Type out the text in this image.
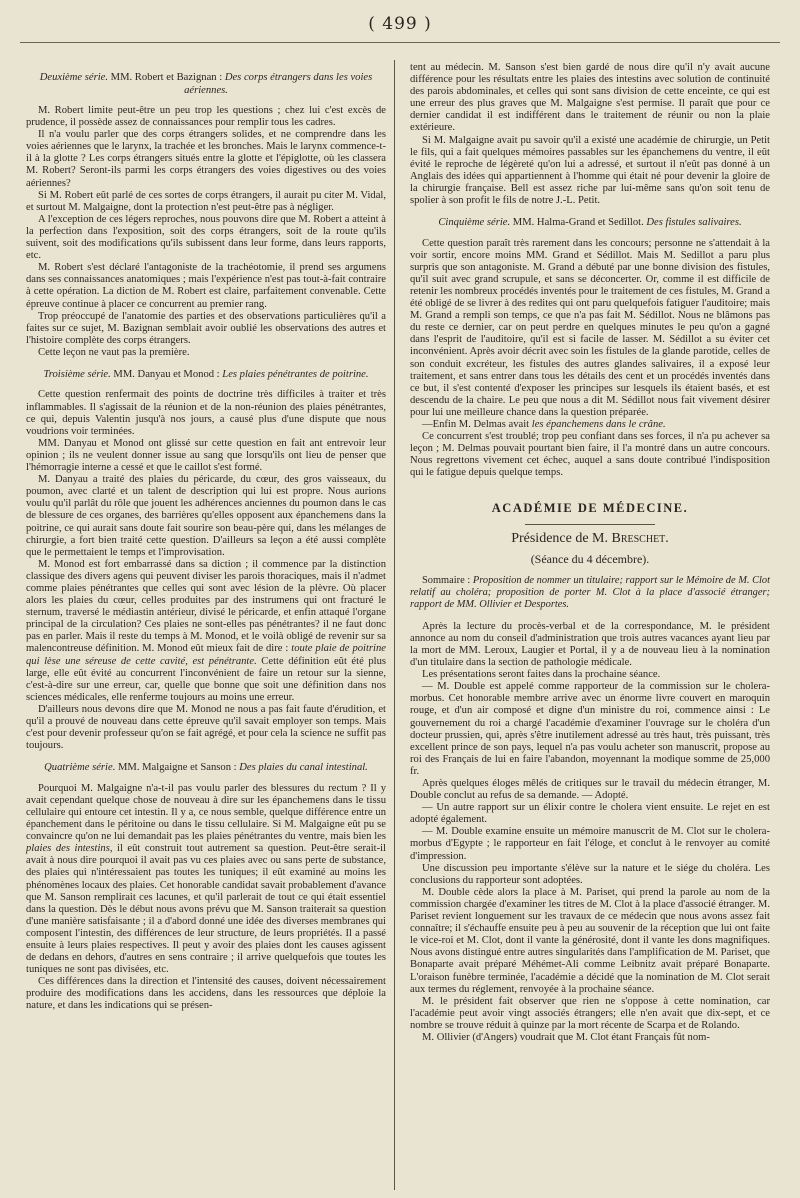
( 499 )
Deuxième série. MM. Robert et Bazignan : Des corps étrangers dans les voies aériennes.

M. Robert limite peut-être un peu trop les questions ; chez lui c'est excès de prudence, il possède assez de connaissances pour remplir tous les cadres.

Il n'a voulu parler que des corps étrangers solides, et ne comprendre dans les voies aériennes que le larynx, la trachée et les bronches. Mais le larynx commence-t-il à la glotte ? Les corps étrangers situés entre la glotte et l'épiglotte, où les classera M. Robert? Seront-ils parmi les corps étrangers des voies digestives ou des voies aériennes?

Si M. Robert eût parlé de ces sortes de corps étrangers, il aurait pu citer M. Vidal, et surtout M. Malgaigne, dont la protection n'est peut-être pas à négliger.

A l'exception de ces légers reproches, nous pouvons dire que M. Robert a atteint à la perfection dans l'exposition, soit des corps étrangers, soit de la route qu'ils suivent, soit des modifications qu'ils subissent dans leur forme, dans leurs rapports, etc.

M. Robert s'est déclaré l'antagoniste de la trachéotomie, il prend ses argumens dans ses connaissances anatomiques ; mais l'expérience n'est pas tout-à-fait contraire à cette opération. La diction de M. Robert est claire, parfaitement convenable. Cette épreuve continue à placer ce concurrent au premier rang.

Trop préoccupé de l'anatomie des parties et des observations particulières qu'il a faites sur ce sujet, M. Bazignan semblait avoir oublié les observations des autres et l'histoire complète des corps étrangers.

Cette leçon ne vaut pas la première.

Troisième série. MM. Danyau et Monod : Les plaies pénétrantes de poitrine.

Cette question renfermait des points de doctrine très difficiles à traiter et très inflammables. Il s'agissait de la réunion et de la non-réunion des plaies pénétrantes, ce qui, depuis Valentin jusqu'à nos jours, a causé plus d'une dispute que nous voudrions voir terminées.

MM. Danyau et Monod ont glissé sur cette question en fait ant entrevoir leur opinion ; ils ne veulent donner issue au sang que lorsqu'ils ont lieu de penser que l'hémorragie interne a cessé et que le caillot s'est formé.

M. Danyau a traité des plaies du péricarde, du cœur, des gros vaisseaux, du poumon, avec clarté et un talent de description qui lui est propre. Nous aurions voulu qu'il parlât du rôle que jouent les adhérences anciennes du poumon dans le cas de blessure de ces organes, des barrières qu'elles opposent aux épanchemens dans la poitrine, ce qui aurait sans doute fait sourire son beau-père qui, dans les mélanges de chirurgie, a fort bien traité cette question. D'ailleurs sa leçon a été aussi complète que le permettaient le temps et l'improvisation.

M. Monod est fort embarrassé dans sa diction ; il commence par la distinction classique des divers agens qui peuvent diviser les parois thoraciques, mais il n'admet comme plaies pénétrantes que celles qui sont avec lésion de la plèvre. Où placer alors les plaies du cœur, celles produites par des instrumens qui ont fracturé le sternum, traversé le médiastin antérieur, divisé le péricarde, et enfin attaqué l'organe principal de la circulation? Ces plaies ne sont-elles pas pénétrantes? il ne faut donc pas en parler. Mais il reste du temps à M. Monod, et le voilà obligé de revenir sur sa malencontreuse définition. M. Monod eût mieux fait de dire : toute plaie de poitrine qui lèse une séreuse de cette cavité, est pénétrante. Cette définition eût été plus large, elle eût évité au concurrent l'inconvénient de faire un retour sur la sienne, c'est-à-dire sur une erreur, car, quelle que bonne que soit une définition dans nos sciences médicales, elle renferme toujours au moins une erreur.

D'ailleurs nous devons dire que M. Monod ne nous a pas fait faute d'érudition, et qu'il a prouvé de nouveau dans cette épreuve qu'il savait employer son temps. Mais c'est pour devenir professeur qu'on se fait agrégé, et pour cela la science ne suffit pas toujours.

Quatrième série. MM. Malgaigne et Sanson : Des plaies du canal intestinal.

Pourquoi M. Malgaigne n'a-t-il pas voulu parler des blessures du rectum ? Il y avait cependant quelque chose de nouveau à dire sur les épanchemens dans le tissu cellulaire qui entoure cet intestin. Il y a, ce nous semble, quelque différence entre un épanchement dans le péritoine ou dans le tissu cellulaire. Si M. Malgaigne eût pu se convaincre qu'on ne lui demandait pas les plaies pénétrantes du ventre, mais bien les plaies des intestins, il eût construit tout autrement sa question. Peut-être serait-il avait à nous dire pourquoi il avait pas vu ces plaies avec ou sans perte de substance, des plaies qui n'intéressaient pas toutes les tuniques; il eût examiné au moins les phénomènes locaux des plaies. Cet honorable candidat savait probablement d'avance que M. Sanson remplirait ces lacunes, et qu'il parlerait de tout ce qui était essentiel dans la question. Dès le début nous avons prévu que M. Sanson traiterait sa question d'une manière satisfaisante ; il a d'abord donné une idée des diverses membranes qui composent l'intestin, des différences de leur structure, de leurs propriétés. Il a passé ensuite à leurs plaies respectives. Il peut y avoir des plaies dont les causes agissent de dedans en dehors, d'autres en sens contraire ; il arrive quelquefois que toutes les tuniques ne sont pas divisées, etc.

Ces différences dans la direction et l'intensité des causes, doivent nécessairement produire des modifications dans les accidens, dans les ressources que déploie la nature, et dans les indications qui se présen-

tent au médecin. M. Sanson s'est bien gardé de nous dire qu'il n'y avait aucune différence pour les résultats entre les plaies des intestins avec solution de continuité des parois abdominales, et celles qui sont sans division de cette enceinte, ce qui est une erreur des plus graves que M. Malgaigne s'est permise. Il paraît que pour ce dernier candidat il est indifférent dans le traitement de réunir ou non la plaie extérieure.

Si M. Malgaigne avait pu savoir qu'il a existé une académie de chirurgie, un Petit le fils, qui a fait quelques mémoires passables sur les épanchemens du ventre, il eût évité le reproche de légèreté qu'on lui a adressé, et surtout il n'eût pas donné à un Anglais des idées qui appartiennent à l'homme qui était né pour devenir la gloire de la chirurgie française. Bell est assez riche par lui-même sans qu'on soit tenu de spolier à son profit le fils de notre J.-L. Petit.

Cinquième série. MM. Halma-Grand et Sedillot. Des fistules salivaires.

Cette question paraît très rarement dans les concours; personne ne s'attendait à la voir sortir, encore moins MM. Grand et Sédillot. Mais M. Sedillot a paru plus surpris que son antagoniste. M. Grand a débuté par une bonne division des fistules, qu'il suit avec grand scrupule, et sans se déconcerter. Or, comme il est difficile de retenir les nombreux procédés inventés pour le traitement de ces fistules, M. Grand a été obligé de se livrer à des redites qui ont paru quelquefois fatiguer l'auditoire; mais M. Grand a rempli son temps, ce que n'a pas fait M. Sédillot. Nous ne blâmons pas du reste ce dernier, car on peut perdre en quelques minutes le peu qu'on a gagné dans l'esprit de l'auditoire, qu'il est si facile de lasser. M. Sédillot a su éviter cet inconvénient. Après avoir décrit avec soin les fistules de la glande parotide, celles de son conduit excréteur, les fistules des autres glandes salivaires, il a exposé leur traitement, et sans entrer dans tous les détails des cent et un procédés inventés dans ce but, il s'est contenté d'exposer les principes sur lesquels ils étaient basés, et est descendu de la chaire. Le peu que nous a dit M. Sédillot nous fait vivement désirer pour lui une meilleure chance dans la question préparée.

—Enfin M. Delmas avait les épanchemens dans le crâne.

Ce concurrent s'est troublé; trop peu confiant dans ses forces, il n'a pu achever sa leçon ; M. Delmas pouvait pourtant bien faire, il l'a montré dans un autre concours. Nous regrettons vivement cet échec, auquel a sans doute contribué l'indisposition qui le fatigue depuis quelque temps.

ACADÉMIE DE MÉDECINE.
Présidence de M. Breschet.
(Séance du 4 décembre).
Sommaire : Proposition de nommer un titulaire; rapport sur le Mémoire de M. Clot relatif au choléra; proposition de porter M. Clot à la place d'associé étranger; rapport de MM. Ollivier et Desportes.

Après la lecture du procès-verbal et de la correspondance, M. le président annonce au nom du conseil d'administration que trois autres vacances ayant lieu par la mort de MM. Leroux, Laugier et Portal, il y a de nouveau lieu à la nomination d'un titulaire dans la section de pathologie médicale.

Les présentations seront faites dans la prochaine séance.

— M. Double est appelé comme rapporteur de la commission sur le cholera-morbus. Cet honorable membre arrive avec un énorme livre couvert en maroquin rouge, et d'un air composé et digne d'un ministre du roi, commence ainsi : Le gouvernement du roi a chargé l'académie d'examiner l'ouvrage sur le choléra d'un docteur prussien, qui, après s'être inutilement adressé au très haut, très puissant, très excellent prince de son pays, lequel n'a pas voulu acheter son manuscrit, propose au roi des Français de lui en faire l'abandon, moyennant la modique somme de 25,000 fr.

Après quelques éloges mêlés de critiques sur le travail du médecin étranger, M. Double conclut au refus de sa demande. — Adopté.

— Un autre rapport sur un élixir contre le cholera vient ensuite. Le rejet en est adopté également.

— M. Double examine ensuite un mémoire manuscrit de M. Clot sur le cholera-morbus d'Egypte ; le rapporteur en fait l'éloge, et conclut à le renvoyer au comité d'impression.

Une discussion peu importante s'élève sur la nature et le siége du choléra. Les conclusions du rapporteur sont adoptées.

M. Double cède alors la place à M. Pariset, qui prend la parole au nom de la commission chargée d'examiner les titres de M. Clot à la place d'associé étranger. M. Pariset revient longuement sur les travaux de ce médecin que nous avons assez fait connaître; il s'échauffe ensuite peu à peu au souvenir de la réception que lui ont faite le vice-roi et M. Clot, dont il vante la générosité, dont il vante les dons magnifiques. Nous avons distingué entre autres singularités dans l'amplification de M. Pariset, que Bonaparte avait préparé Méhémet-Ali comme Leibnitz avait préparé Bonaparte. L'oraison funèbre terminée, l'académie a décidé que la nomination de M. Clot serait aux termes du réglement, renvoyée à la prochaine séance.

M. le président fait observer que rien ne s'oppose à cette nomination, car l'académie peut avoir vingt associés étrangers; elle n'en avait que dix-sept, et ce nombre se trouve réduit à quinze par la mort récente de Scarpa et de Rolando.

M. Ollivier (d'Angers) voudrait que M. Clot étant Français fût nom-
